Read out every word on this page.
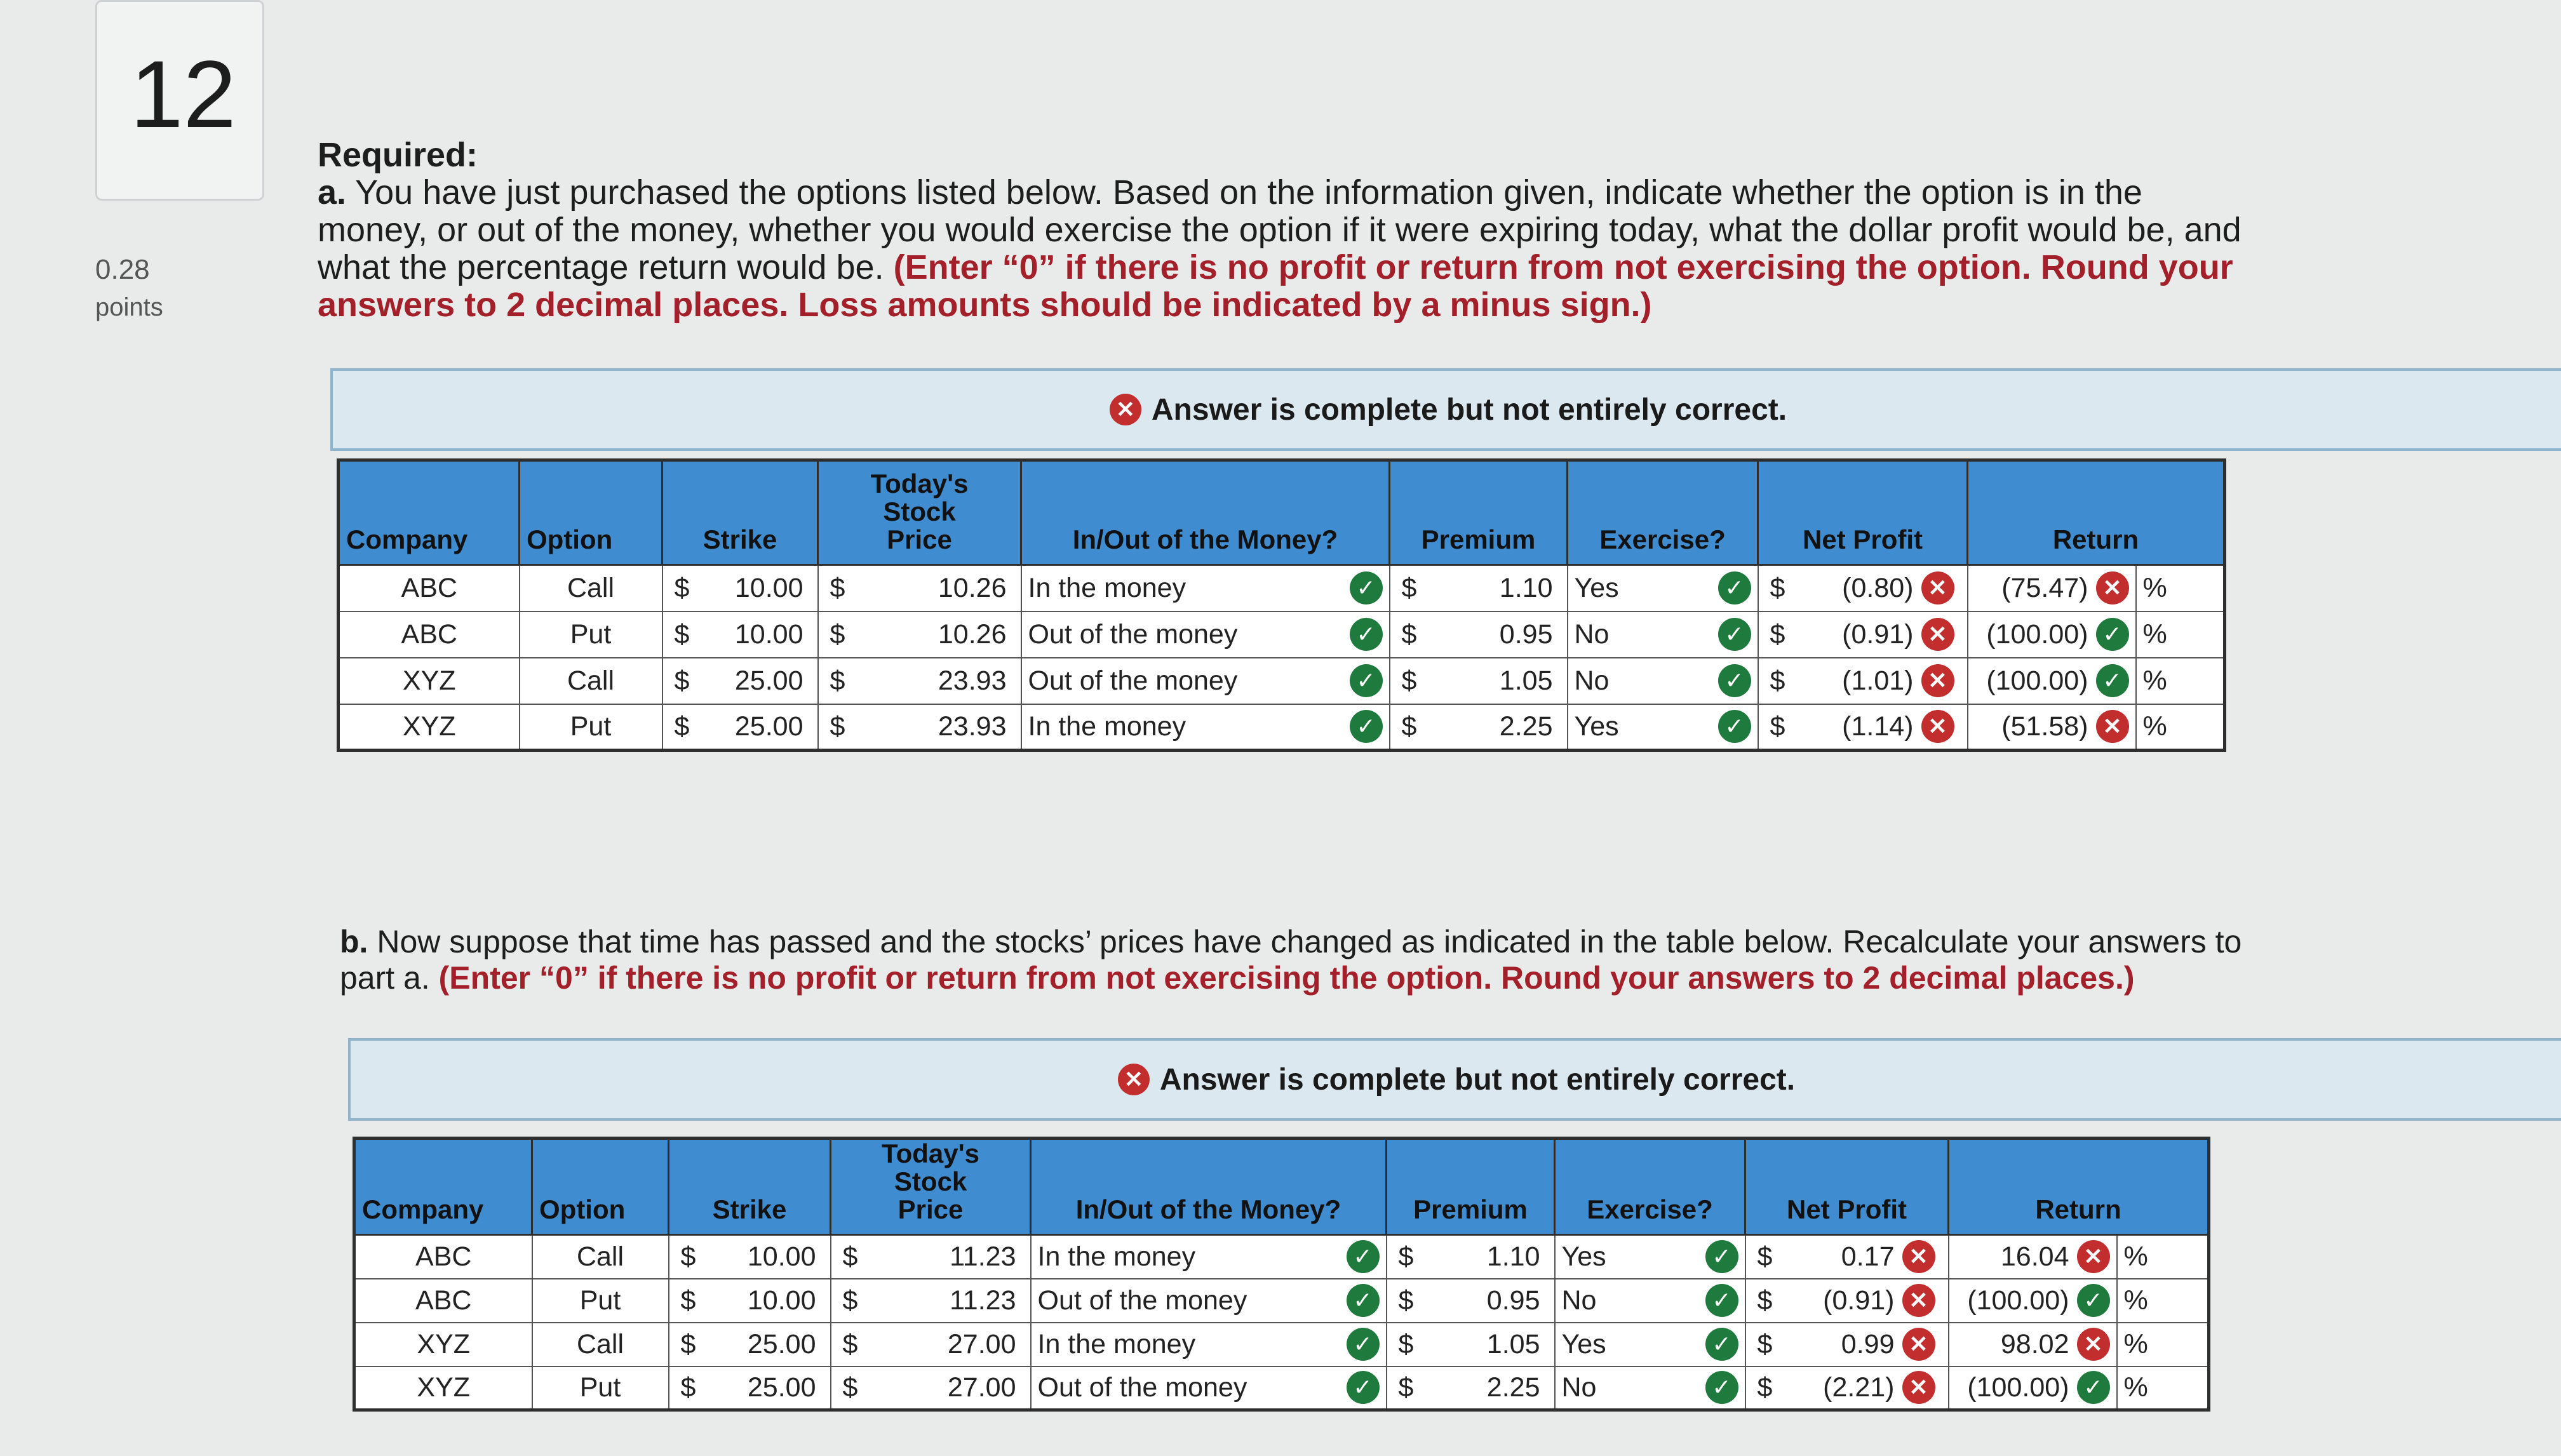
12
0.28
points
Required:
a. You have just purchased the options listed below. Based on the information given, indicate whether the option is in the money, or out of the money, whether you would exercise the option if it were expiring today, what the dollar profit would be, and what the percentage return would be. (Enter “0” if there is no profit or return from not exercising the option. Round your answers to 2 decimal places. Loss amounts should be indicated by a minus sign.)
✕ Answer is complete but not entirely correct.
Company	Option	Strike	Today's
Stock
Price	In/Out of the Money?	Premium	Exercise?	Net Profit	Return	
ABC	Call	$ 10.00	$ 10.26	In the money ✓	$ 1.10	Yes ✓	$ (0.80) ✕	(75.47) ✕	%
ABC	Put	$ 10.00	$ 10.26	Out of the money ✓	$ 0.95	No ✓	$ (0.91) ✕	(100.00) ✓	%
XYZ	Call	$ 25.00	$ 23.93	Out of the money ✓	$ 1.05	No ✓	$ (1.01) ✕	(100.00) ✓	%
XYZ	Put	$ 25.00	$ 23.93	In the money ✓	$ 2.25	Yes ✓	$ (1.14) ✕	(51.58) ✕	%
b. Now suppose that time has passed and the stocks’ prices have changed as indicated in the table below. Recalculate your answers to part a. (Enter “0” if there is no profit or return from not exercising the option. Round your answers to 2 decimal places.)
✕ Answer is complete but not entirely correct.
Company	Option	Strike	Today's
Stock
Price	In/Out of the Money?	Premium	Exercise?	Net Profit	Return	
ABC	Call	$ 10.00	$ 11.23	In the money ✓	$ 1.10	Yes ✓	$ 0.17 ✕	16.04 ✕	%
ABC	Put	$ 10.00	$ 11.23	Out of the money ✓	$ 0.95	No ✓	$ (0.91) ✕	(100.00) ✓	%
XYZ	Call	$ 25.00	$ 27.00	In the money ✓	$ 1.05	Yes ✓	$ 0.99 ✕	98.02 ✕	%
XYZ	Put	$ 25.00	$ 27.00	Out of the money ✓	$ 2.25	No ✓	$ (2.21) ✕	(100.00) ✓	%
